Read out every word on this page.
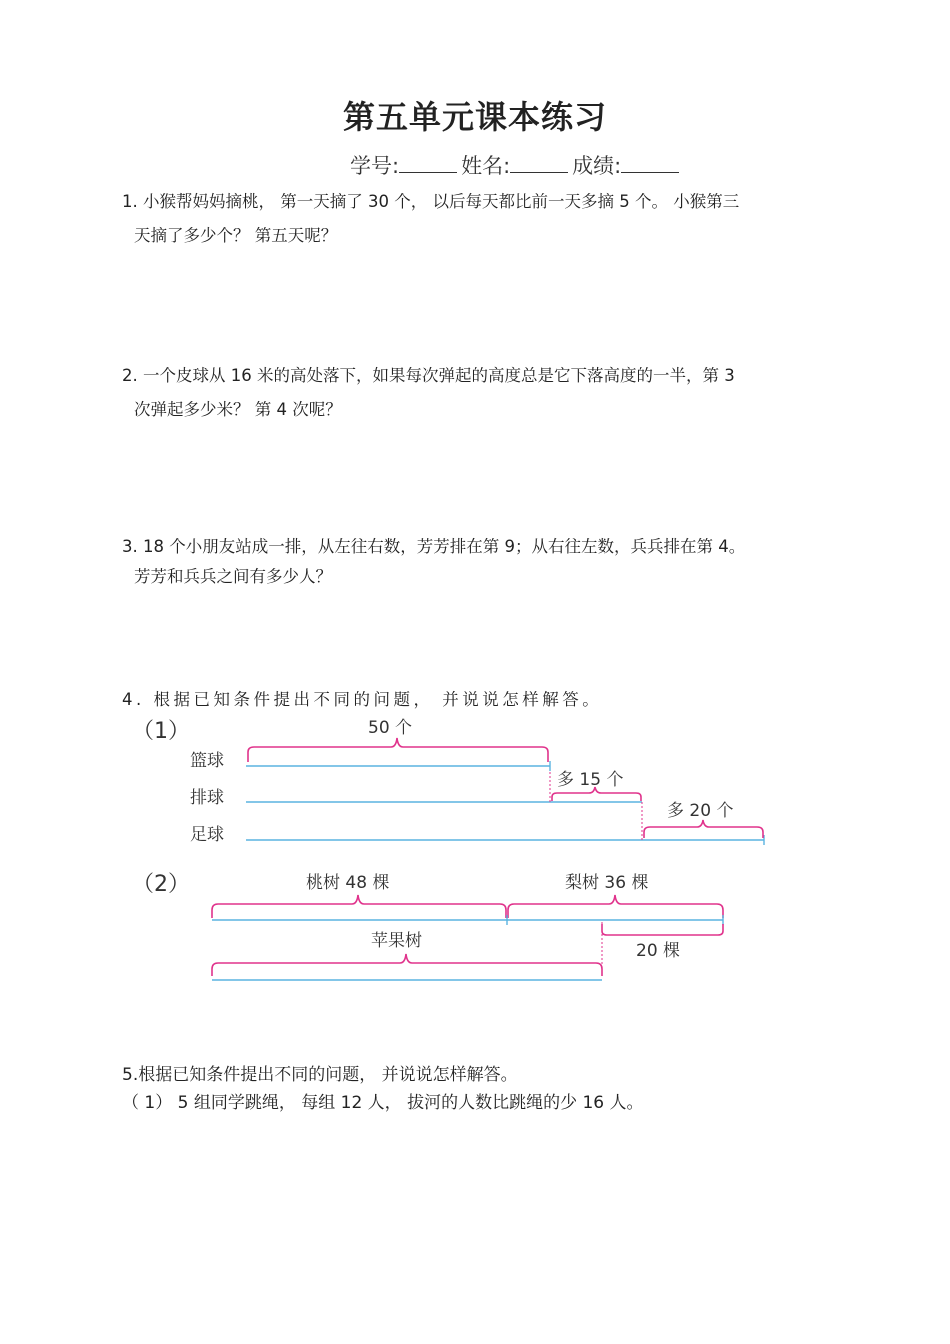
第五单元课本练习
学号:	姓名:	成绩:
1. 小猴帮妈妈摘桃， 第一天摘了 30 个， 以后每天都比前一天多摘 5 个。 小猴第三
天摘了多少个？ 第五天呢？
2. 一个皮球从 16 米的高处落下，如果每次弹起的高度总是它下落高度的一半，第 3
次弹起多少米？ 第 4 次呢？
3. 18 个小朋友站成一排，从左往右数，芳芳排在第 9；从右往左数，兵兵排在第 4。
芳芳和兵兵之间有多少人？
4. 根据已知条件提出不同的问题， 并说说怎样解答。
（1）
篮球
排球
足球
50 个
多 15 个
多 20 个
（2）	桃树 48 棵	梨树 36 棵
20 棵
苹果树
5.根据已知条件提出不同的问题， 并说说怎样解答。
（ 1） 5 组同学跳绳， 每组 12 人， 拔河的人数比跳绳的少 16 人。
